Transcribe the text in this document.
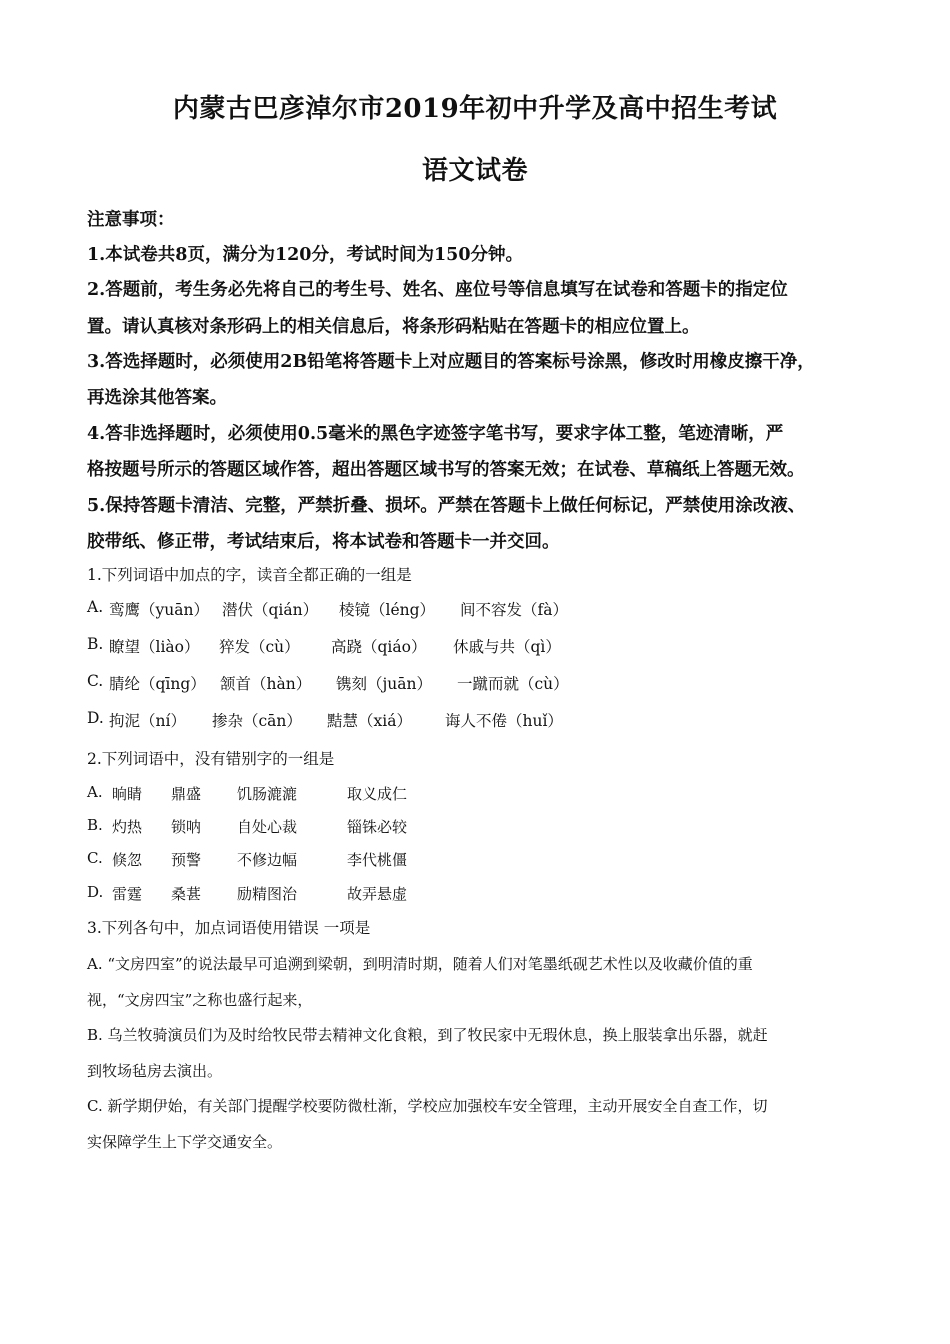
内蒙古巴彦淖尔市2019年初中升学及高中招生考试
语文试卷
注意事项：
1.本试卷共8页，满分为120分，考试时间为150分钟。
2.答题前，考生务必先将自己的考生号、姓名、座位号等信息填写在试卷和答题卡的指定位
置。请认真核对条形码上的相关信息后，将条形码粘贴在答题卡的相应位置上。
3.答选择题时，必须使用2B铅笔将答题卡上对应题目的答案标号涂黑，修改时用橡皮擦干净，
再选涂其他答案。
4.答非选择题时，必须使用0.5毫米的黑色字迹签字笔书写，要求字体工整，笔迹清晰，严
格按题号所示的答题区域作答，超出答题区域书写的答案无效；在试卷、草稿纸上答题无效。
5.保持答题卡清洁、完整，严禁折叠、损坏。严禁在答题卡上做任何标记，严禁使用涂改液、
胶带纸、修正带，考试结束后，将本试卷和答题卡一并交回。
1.下列词语中加点的字，读音全都正确的一组是
A. 鸾鹰（yuān） 潜伏（qián） 棱镜（léng） 间不容发（fà）
B. 瞭望（liào） 猝发（cù） 高跷（qiáo） 休戚与共（qì）
C. 腈纶（qīng） 颔首（hàn） 镌刻（juān） 一蹴而就（cù）
D. 拘泥（ní） 掺杂（cān） 黠慧（xiá） 诲人不倦（huǐ）
2.下列词语中，没有错别字的一组是
A. 晌睛 鼎盛 饥肠漉漉	取义成仁
B. 灼热 锁呐 自处心裁	锱铢必较
C. 倏忽 预警 不修边幅	李代桃僵
D. 雷霆 桑葚 励精图治	故弄悬虚
3.下列各句中，加点词语使用错误 一项是
A. “文房四室”的说法最早可追溯到梁朝，到明清时期，随着人们对笔墨纸砚艺术性以及收藏价值的重
视，“文房四宝”之称也盛行起来，
B. 乌兰牧骑演员们为及时给牧民带去精神文化食粮，到了牧民家中无瑕休息，换上服装拿出乐器，就赶
到牧场毡房去演出。
C. 新学期伊始，有关部门提醒学校要防微杜渐，学校应加强校车安全管理，主动开展安全自查工作，切
实保障学生上下学交通安全。
